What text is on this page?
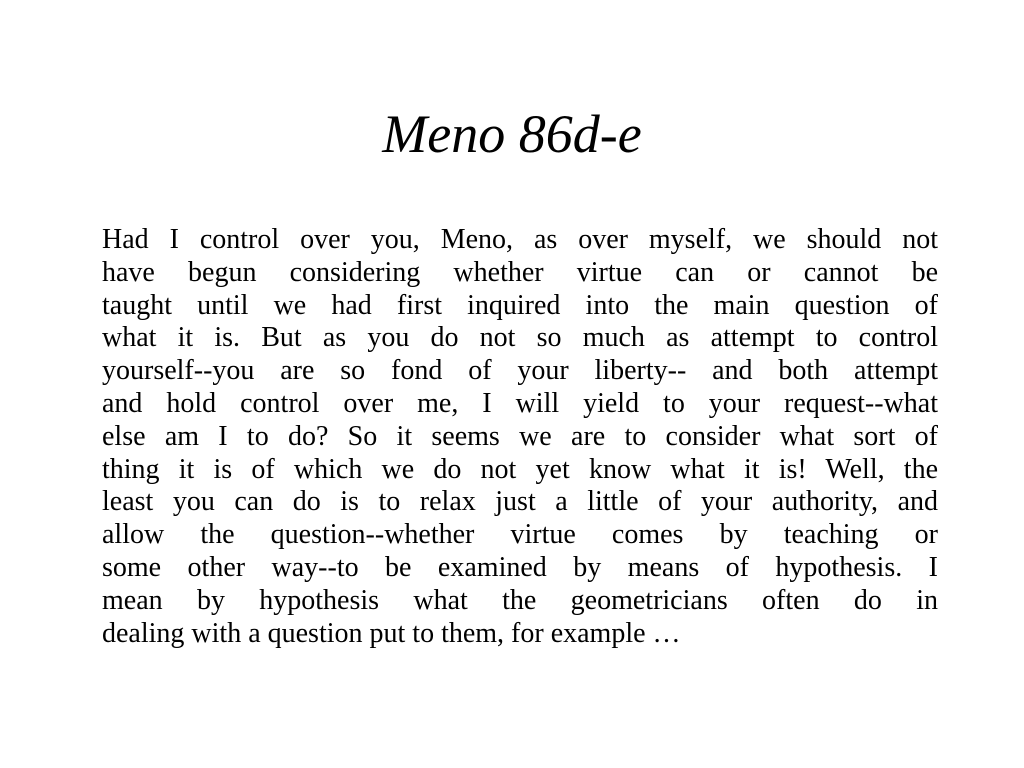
Meno 86d-e
Had I control over you, Meno, as over myself, we should not
have begun considering whether virtue can or cannot be
taught until we had first inquired into the main question of
what it is. But as you do not so much as attempt to control
yourself--you are so fond of your liberty-- and both attempt
and hold control over me, I will yield to your request--what
else am I to do? So it seems we are to consider what sort of
thing it is of which we do not yet know what it is! Well, the
least you can do is to relax just a little of your authority, and
allow the question--whether virtue comes by teaching or
some other way--to be examined by means of hypothesis. I
mean by hypothesis what the geometricians often do in
dealing with a question put to them, for example …
